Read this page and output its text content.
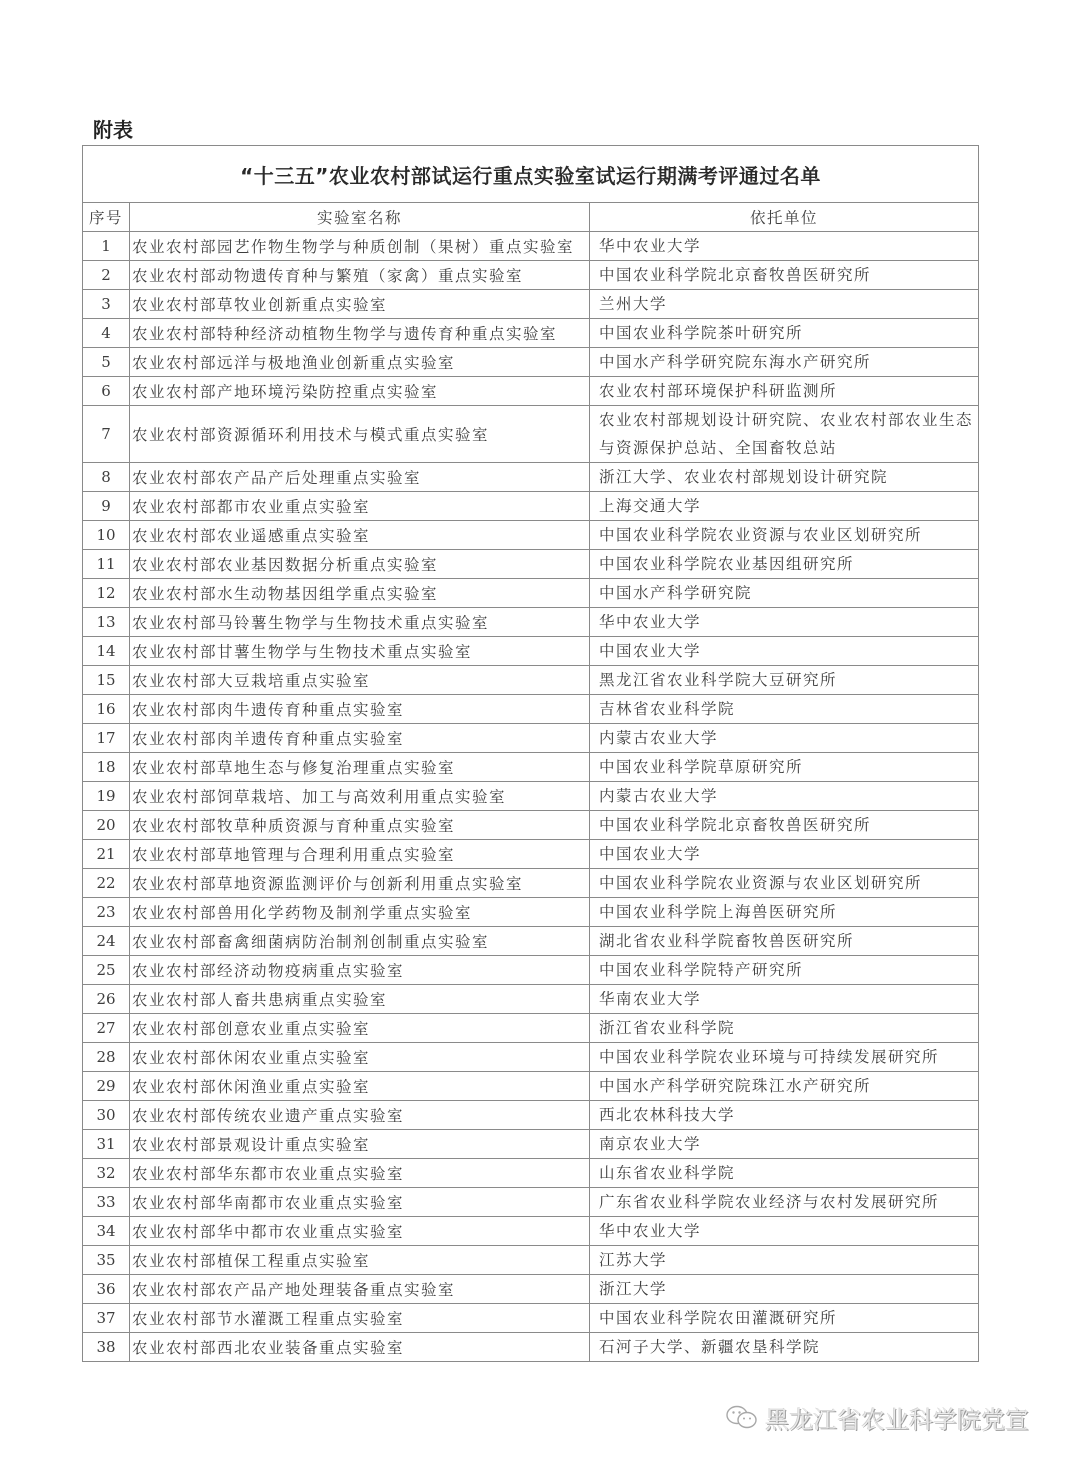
附表
“十三五”农业农村部试运行重点实验室试运行期满考评通过名单		
序号	实验室名称	依托单位
1	农业农村部园艺作物生物学与种质创制（果树）重点实验室	华中农业大学
2	农业农村部动物遗传育种与繁殖（家禽）重点实验室	中国农业科学院北京畜牧兽医研究所
3	农业农村部草牧业创新重点实验室	兰州大学
4	农业农村部特种经济动植物生物学与遗传育种重点实验室	中国农业科学院茶叶研究所
5	农业农村部远洋与极地渔业创新重点实验室	中国水产科学研究院东海水产研究所
6	农业农村部产地环境污染防控重点实验室	农业农村部环境保护科研监测所
7	农业农村部资源循环利用技术与模式重点实验室	农业农村部规划设计研究院、农业农村部农业生态与资源保护总站、全国畜牧总站
8	农业农村部农产品产后处理重点实验室	浙江大学、农业农村部规划设计研究院
9	农业农村部都市农业重点实验室	上海交通大学
10	农业农村部农业遥感重点实验室	中国农业科学院农业资源与农业区划研究所
11	农业农村部农业基因数据分析重点实验室	中国农业科学院农业基因组研究所
12	农业农村部水生动物基因组学重点实验室	中国水产科学研究院
13	农业农村部马铃薯生物学与生物技术重点实验室	华中农业大学
14	农业农村部甘薯生物学与生物技术重点实验室	中国农业大学
15	农业农村部大豆栽培重点实验室	黑龙江省农业科学院大豆研究所
16	农业农村部肉牛遗传育种重点实验室	吉林省农业科学院
17	农业农村部肉羊遗传育种重点实验室	内蒙古农业大学
18	农业农村部草地生态与修复治理重点实验室	中国农业科学院草原研究所
19	农业农村部饲草栽培、加工与高效利用重点实验室	内蒙古农业大学
20	农业农村部牧草种质资源与育种重点实验室	中国农业科学院北京畜牧兽医研究所
21	农业农村部草地管理与合理利用重点实验室	中国农业大学
22	农业农村部草地资源监测评价与创新利用重点实验室	中国农业科学院农业资源与农业区划研究所
23	农业农村部兽用化学药物及制剂学重点实验室	中国农业科学院上海兽医研究所
24	农业农村部畜禽细菌病防治制剂创制重点实验室	湖北省农业科学院畜牧兽医研究所
25	农业农村部经济动物疫病重点实验室	中国农业科学院特产研究所
26	农业农村部人畜共患病重点实验室	华南农业大学
27	农业农村部创意农业重点实验室	浙江省农业科学院
28	农业农村部休闲农业重点实验室	中国农业科学院农业环境与可持续发展研究所
29	农业农村部休闲渔业重点实验室	中国水产科学研究院珠江水产研究所
30	农业农村部传统农业遗产重点实验室	西北农林科技大学
31	农业农村部景观设计重点实验室	南京农业大学
32	农业农村部华东都市农业重点实验室	山东省农业科学院
33	农业农村部华南都市农业重点实验室	广东省农业科学院农业经济与农村发展研究所
34	农业农村部华中都市农业重点实验室	华中农业大学
35	农业农村部植保工程重点实验室	江苏大学
36	农业农村部农产品产地处理装备重点实验室	浙江大学
37	农业农村部节水灌溉工程重点实验室	中国农业科学院农田灌溉研究所
38	农业农村部西北农业装备重点实验室	石河子大学、新疆农垦科学院
黑龙江省农业科学院党宣
